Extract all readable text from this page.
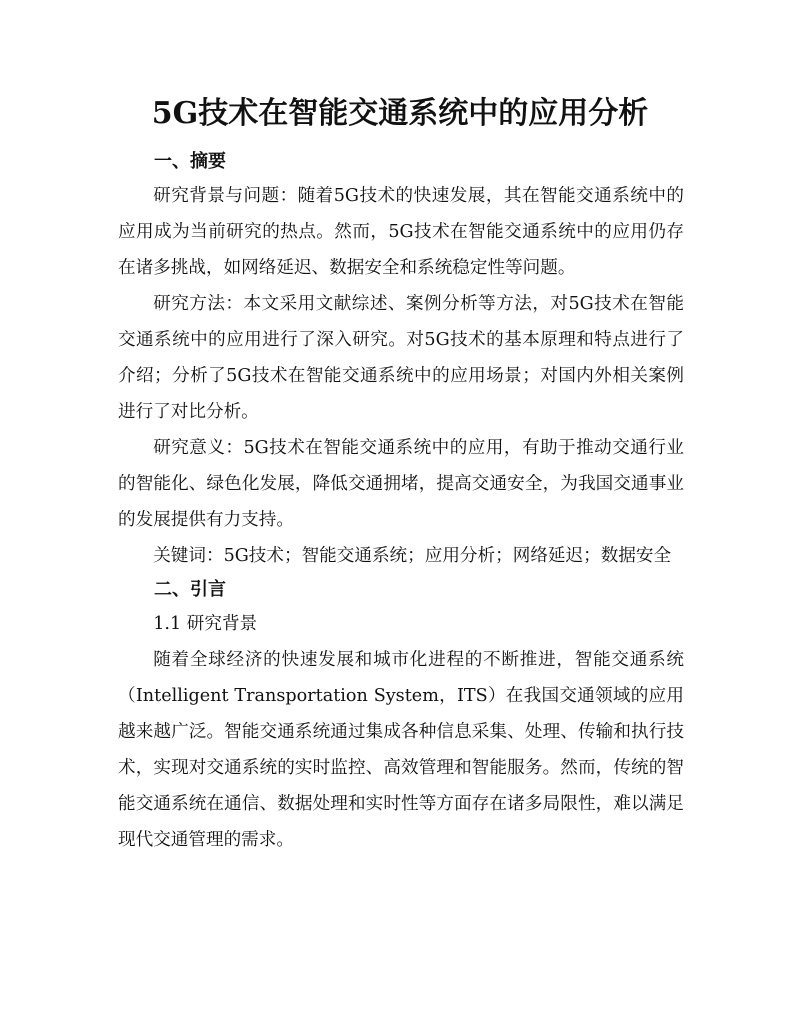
5G技术在智能交通系统中的应用分析

一、摘要

研究背景与问题：随着5G技术的快速发展，其在智能交通系统中的应用成为当前研究的热点。然而，5G技术在智能交通系统中的应用仍存在诸多挑战，如网络延迟、数据安全和系统稳定性等问题。

研究方法：本文采用文献综述、案例分析等方法，对5G技术在智能交通系统中的应用进行了深入研究。对5G技术的基本原理和特点进行了介绍；分析了5G技术在智能交通系统中的应用场景；对国内外相关案例进行了对比分析。

研究意义：5G技术在智能交通系统中的应用，有助于推动交通行业的智能化、绿色化发展，降低交通拥堵，提高交通安全，为我国交通事业的发展提供有力支持。

关键词：5G技术；智能交通系统；应用分析；网络延迟；数据安全

二、引言

1.1 研究背景

随着全球经济的快速发展和城市化进程的不断推进，智能交通系统（Intelligent Transportation System，ITS）在我国交通领域的应用越来越广泛。智能交通系统通过集成各种信息采集、处理、传输和执行技术，实现对交通系统的实时监控、高效管理和智能服务。然而，传统的智能交通系统在通信、数据处理和实时性等方面存在诸多局限性，难以满足现代交通管理的需求。
